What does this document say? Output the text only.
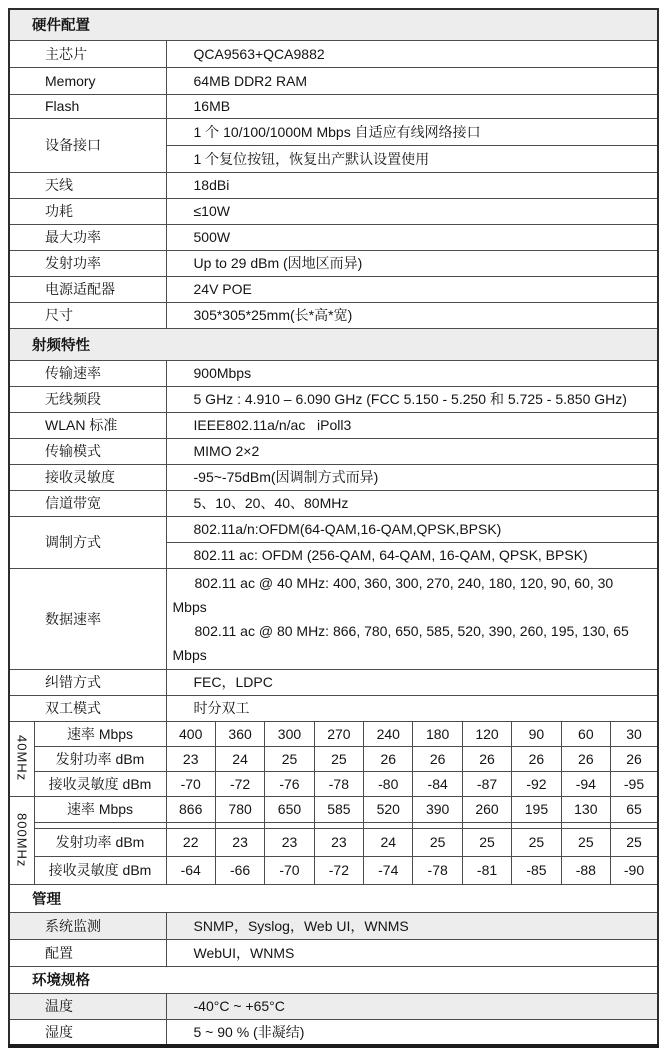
硬件配置											
主芯片		QCA9563+QCA9882									
Memory		64MB DDR2 RAM									
Flash		16MB									
设备接口		1 个 10/100/1000M Mbps 自适应有线网络接口									
		1 个复位按钮，恢复出产默认设置使用									
天线		18dBi									
功耗		≤10W									
最大功率		500W									
发射功率		Up to 29 dBm (因地区而异)									
电源适配器		24V POE									
尺寸		305*305*25mm(长*高*宽)									
射频特性											
传输速率		900Mbps									
无线频段		5 GHz : 4.910 – 6.090 GHz (FCC 5.150 - 5.250 和 5.725 - 5.850 GHz)									
WLAN 标准		IEEE802.11a/n/ac   iPoll3									
传输模式		MIMO 2×2									
接收灵敏度		-95~-75dBm(因调制方式而异)									
信道带宽		5、10、20、40、80MHz									
调制方式		802.11a/n:OFDM(64-QAM,16-QAM,QPSK,BPSK)									
		802.11 ac: OFDM (256-QAM, 64-QAM, 16-QAM, QPSK, BPSK)									
数据速率		802.11 ac @ 40 MHz: 400, 360, 300, 270, 240, 180, 120, 90, 60, 30
Mbps
802.11 ac @ 80 MHz: 866, 780, 650, 585, 520, 390, 260, 195, 130, 65
Mbps									

纠错方式		FEC，LDPC									
双工模式		时分双工									
40MHz	速率 Mbps	400	360	300	270	240	180	120	90	60	30
	发射功率 dBm	23	24	25	25	26	26	26	26	26	26
	接收灵敏度 dBm	-70	-72	-76	-78	-80	-84	-87	-92	-94	-95
800MHz	速率 Mbps	866	780	650	585	520	390	260	195	130	65

	发射功率 dBm	22	23	23	23	24	25	25	25	25	25
	接收灵敏度 dBm	-64	-66	-70	-72	-74	-78	-81	-85	-88	-90
管理											
系统监测		SNMP，Syslog，Web UI，WNMS									
配置		WebUI，WNMS									
环境规格											
温度		-40°C ~ +65°C									
湿度		5 ~ 90 % (非凝结)									
